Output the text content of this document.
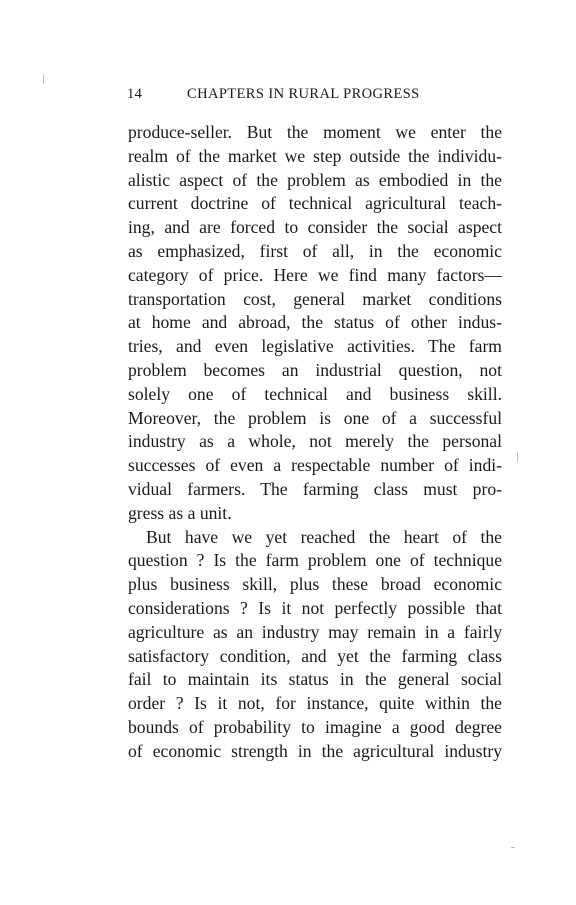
14	CHAPTERS IN RURAL PROGRESS
produce-seller. But the moment we enter the
realm of the market we step outside the individu-
alistic aspect of the problem as embodied in the
current doctrine of technical agricultural teach-
ing, and are forced to consider the social aspect
as emphasized, first of all, in the economic
category of price. Here we find many factors—
transportation cost, general market conditions
at home and abroad, the status of other indus-
tries, and even legislative activities. The farm
problem becomes an industrial question, not
solely one of technical and business skill.
Moreover, the problem is one of a successful
industry as a whole, not merely the personal
successes of even a respectable number of indi-
vidual farmers. The farming class must pro-
gress as a unit.
But have we yet reached the heart of the
question ? Is the farm problem one of technique
plus business skill, plus these broad economic
considerations ? Is it not perfectly possible that
agriculture as an industry may remain in a fairly
satisfactory condition, and yet the farming class
fail to maintain its status in the general social
order ? Is it not, for instance, quite within the
bounds of probability to imagine a good degree
of economic strength in the agricultural industry
